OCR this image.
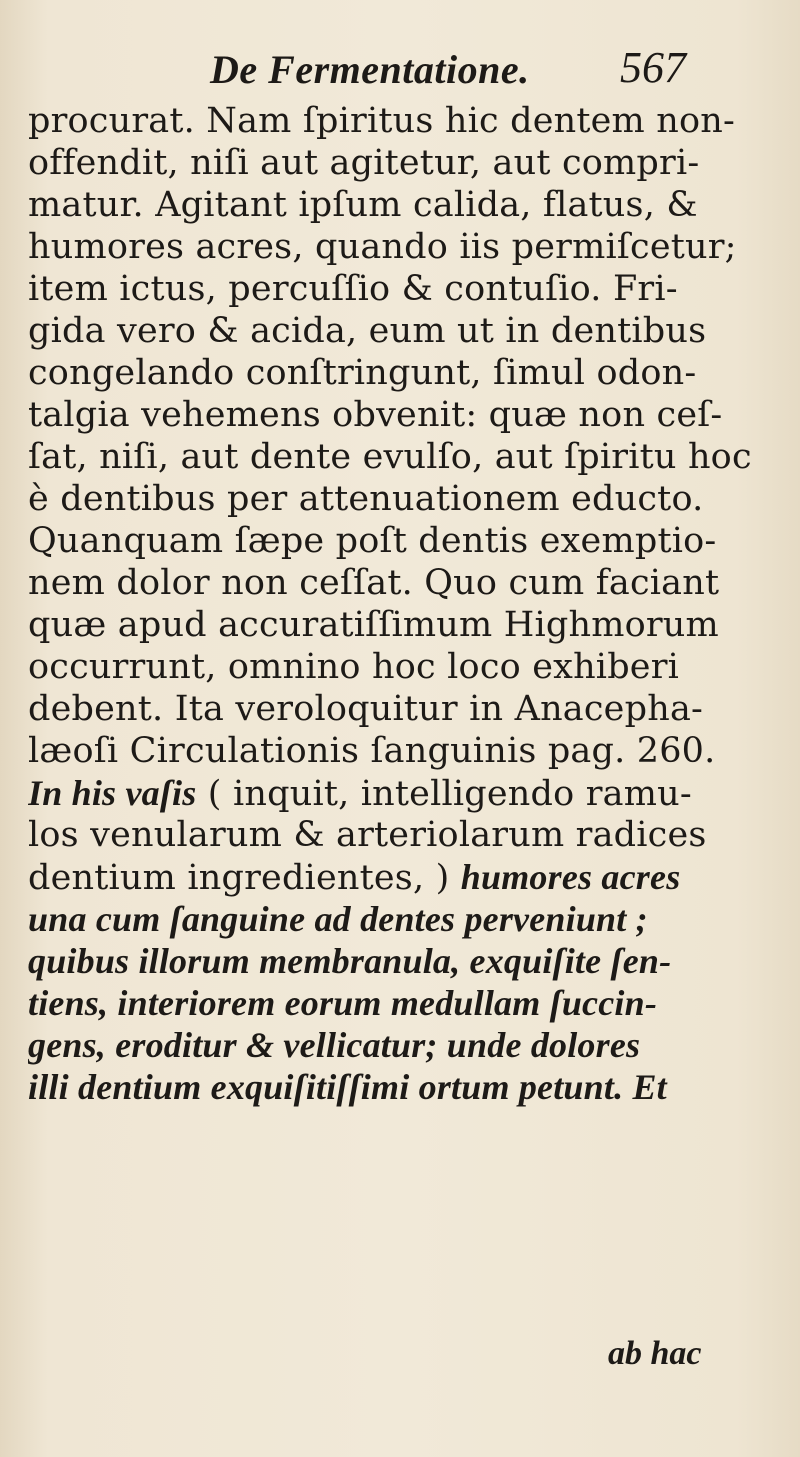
De Fermentatione. 567
procurat. Nam ſpiritus hic dentem non-
offendit, niſi aut agitetur, aut compri-
matur. Agitant ipſum calida, flatus, &
humores acres, quando iis permiſcetur;
item ictus, percuſſio & contuſio. Fri-
gida vero & acida, eum ut in dentibus
congelando conſtringunt, ſimul odon-
talgia vehemens obvenit: quæ non ceſ-
ſat, niſi, aut dente evulſo, aut ſpiritu hoc
è dentibus per attenuationem educto.
Quanquam ſæpe poſt dentis exemptio-
nem dolor non ceſſat. Quo cum faciant
quæ apud accuratiſſimum Highmorum
occurrunt, omnino hoc loco exhiberi
debent. Ita veroloquitur in Anacepha-
læoſi Circulationis ſanguinis pag. 260.
In his vaſis ( inquit, intelligendo ramu-
los venularum & arteriolarum radices
dentium ingredientes, ) humores acres
una cum ſanguine ad dentes perveniunt ;
quibus illorum membranula, exquiſite ſen-
tiens, interiorem eorum medullam ſuccin-
gens, eroditur & vellicatur; unde dolores
illi dentium exquiſitiſſimi ortum petunt. Et
ab hac
